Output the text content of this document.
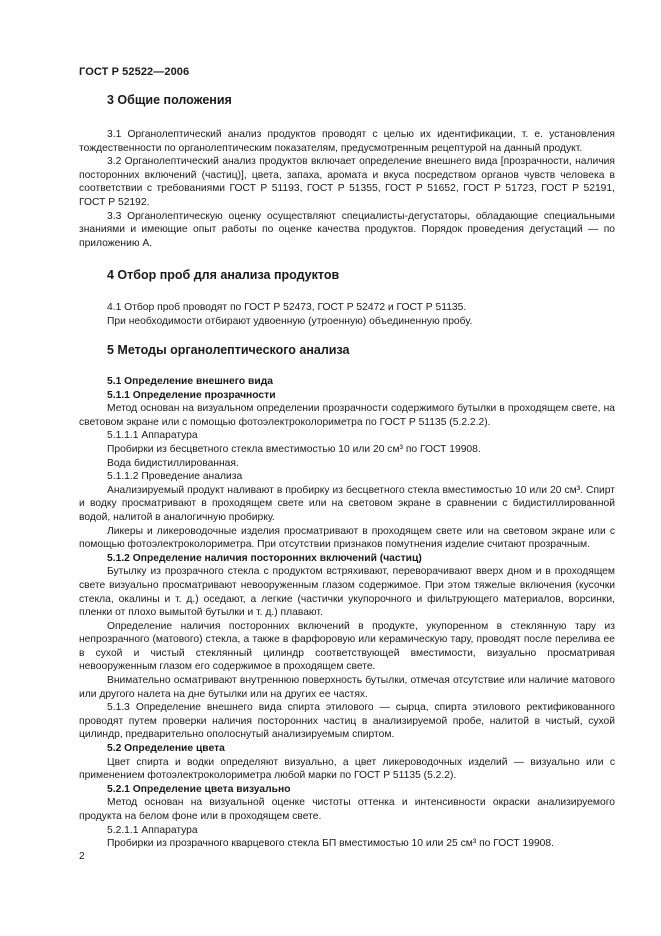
ГОСТ Р 52522—2006
3 Общие положения

3.1 Органолептический анализ продуктов проводят с целью их идентификации, т. е. установления тождественности по органолептическим показателям, предусмотренным рецептурой на данный продукт.

3.2 Органолептический анализ продуктов включает определение внешнего вида [прозрачности, наличия посторонних включений (частиц)], цвета, запаха, аромата и вкуса посредством органов чувств человека в соответствии с требованиями ГОСТ Р 51193, ГОСТ Р 51355, ГОСТ Р 51652, ГОСТ Р 51723, ГОСТ Р 52191, ГОСТ Р 52192.

3.3 Органолептическую оценку осуществляют специалисты-дегустаторы, обладающие специальными знаниями и имеющие опыт работы по оценке качества продуктов. Порядок проведения дегустаций — по приложению А.

4 Отбор проб для анализа продуктов

4.1 Отбор проб проводят по ГОСТ Р 52473, ГОСТ Р 52472 и ГОСТ Р 51135.

При необходимости отбирают удвоенную (утроенную) объединенную пробу.

5 Методы органолептического анализа

5.1 Определение внешнего вида

5.1.1 Определение прозрачности

Метод основан на визуальном определении прозрачности содержимого бутылки в проходящем свете, на световом экране или с помощью фотоэлектроколориметра по ГОСТ Р 51135 (5.2.2.2).

5.1.1.1 Аппаратура

Пробирки из бесцветного стекла вместимостью 10 или 20 см³ по ГОСТ 19908.

Вода бидистиллированная.

5.1.1.2 Проведение анализа

Анализируемый продукт наливают в пробирку из бесцветного стекла вместимостью 10 или 20 см³. Спирт и водку просматривают в проходящем свете или на световом экране в сравнении с бидистиллированной водой, налитой в аналогичную пробирку.

Ликеры и ликероводочные изделия просматривают в проходящем свете или на световом экране или с помощью фотоэлектроколориметра. При отсутствии признаков помутнения изделие считают прозрачным.

5.1.2 Определение наличия посторонних включений (частиц)

Бутылку из прозрачного стекла с продуктом встряхивают, переворачивают вверх дном и в проходящем свете визуально просматривают невооруженным глазом содержимое. При этом тяжелые включения (кусочки стекла, окалины и т. д.) оседают, а легкие (частички укупорочного и фильтрующего материалов, ворсинки, пленки от плохо вымытой бутылки и т. д.) плавают.

Определение наличия посторонних включений в продукте, укупоренном в стеклянную тару из непрозрачного (матового) стекла, а также в фарфоровую или керамическую тару, проводят после перелива ее в сухой и чистый стеклянный цилиндр соответствующей вместимости, визуально просматривая невооруженным глазом его содержимое в проходящем свете.

Внимательно осматривают внутреннюю поверхность бутылки, отмечая отсутствие или наличие матового или другого налета на дне бутылки или на других ее частях.

5.1.3 Определение внешнего вида спирта этилового — сырца, спирта этилового ректификованного проводят путем проверки наличия посторонних частиц в анализируемой пробе, налитой в чистый, сухой цилиндр, предварительно ополоснутый анализируемым спиртом.

5.2 Определение цвета

Цвет спирта и водки определяют визуально, а цвет ликероводочных изделий — визуально или с применением фотоэлектроколориметра любой марки по ГОСТ Р 51135 (5.2.2).

5.2.1 Определение цвета визуально

Метод основан на визуальной оценке чистоты оттенка и интенсивности окраски анализируемого продукта на белом фоне или в проходящем свете.

5.2.1.1 Аппаратура

Пробирки из прозрачного кварцевого стекла БП вместимостью 10 или 25 см³ по ГОСТ 19908.

2
